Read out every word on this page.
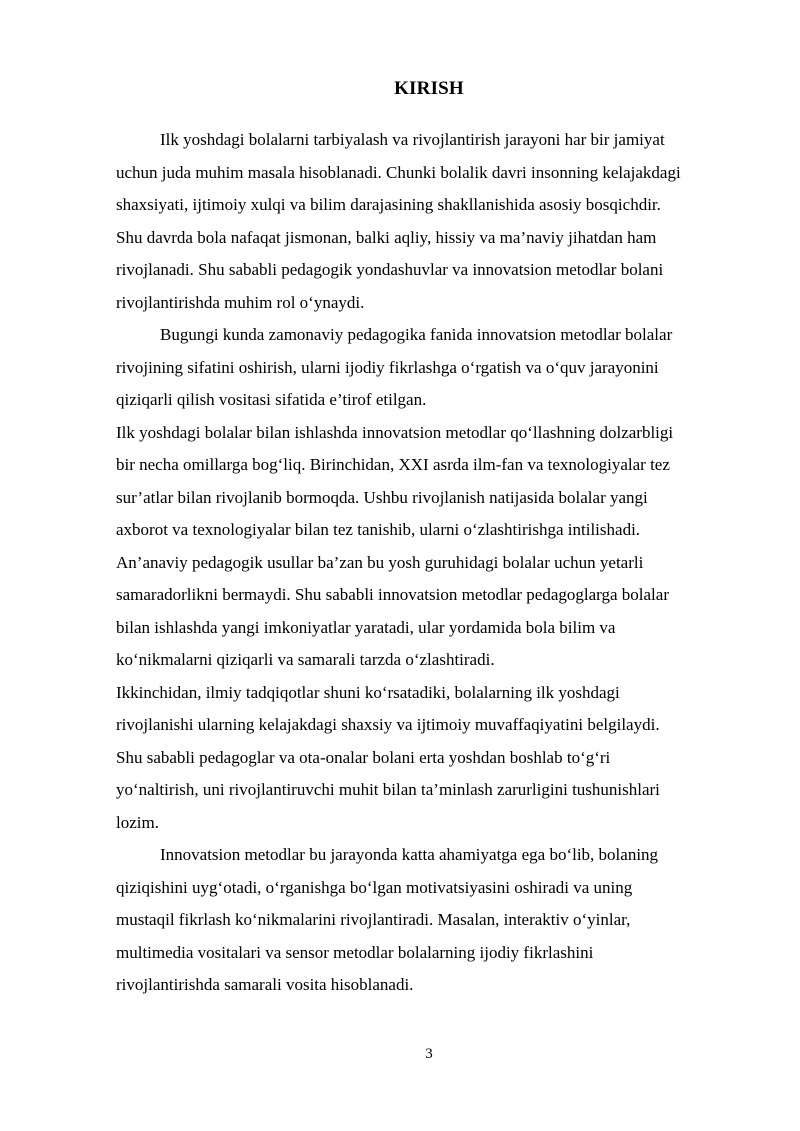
KIRISH
Ilk yoshdagi bolalarni tarbiyalash va rivojlantirish jarayoni har bir jamiyat
uchun juda muhim masala hisoblanadi. Chunki bolalik davri insonning kelajakdagi
shaxsiyati, ijtimoiy xulqi va bilim darajasining shakllanishida asosiy bosqichdir.
Shu davrda bola nafaqat jismonan, balki aqliy, hissiy va ma’naviy jihatdan ham
rivojlanadi. Shu sababli pedagogik yondashuvlar va innovatsion metodlar bolani
rivojlantirishda muhim rol o‘ynaydi.
Bugungi kunda zamonaviy pedagogika fanida innovatsion metodlar bolalar
rivojining sifatini oshirish, ularni ijodiy fikrlashga o‘rgatish va o‘quv jarayonini
qiziqarli qilish vositasi sifatida e’tirof etilgan.
Ilk yoshdagi bolalar bilan ishlashda innovatsion metodlar qo‘llashning dolzarbligi
bir necha omillarga bog‘liq. Birinchidan, XXI asrda ilm-fan va texnologiyalar tez
sur’atlar bilan rivojlanib bormoqda. Ushbu rivojlanish natijasida bolalar yangi
axborot va texnologiyalar bilan tez tanishib, ularni o‘zlashtirishga intilishadi.
An’anaviy pedagogik usullar ba’zan bu yosh guruhidagi bolalar uchun yetarli
samaradorlikni bermaydi. Shu sababli innovatsion metodlar pedagoglarga bolalar
bilan ishlashda yangi imkoniyatlar yaratadi, ular yordamida bola bilim va
ko‘nikmalarni qiziqarli va samarali tarzda o‘zlashtiradi.
Ikkinchidan, ilmiy tadqiqotlar shuni ko‘rsatadiki, bolalarning ilk yoshdagi
rivojlanishi ularning kelajakdagi shaxsiy va ijtimoiy muvaffaqiyatini belgilaydi.
Shu sababli pedagoglar va ota-onalar bolani erta yoshdan boshlab to‘g‘ri
yo‘naltirish, uni rivojlantiruvchi muhit bilan ta’minlash zarurligini tushunishlari
lozim.
Innovatsion metodlar bu jarayonda katta ahamiyatga ega bo‘lib, bolaning
qiziqishini uyg‘otadi, o‘rganishga bo‘lgan motivatsiyasini oshiradi va uning
mustaqil fikrlash ko‘nikmalarini rivojlantiradi. Masalan, interaktiv o‘yinlar,
multimedia vositalari va sensor metodlar bolalarning ijodiy fikrlashini
rivojlantirishda samarali vosita hisoblanadi.
3
